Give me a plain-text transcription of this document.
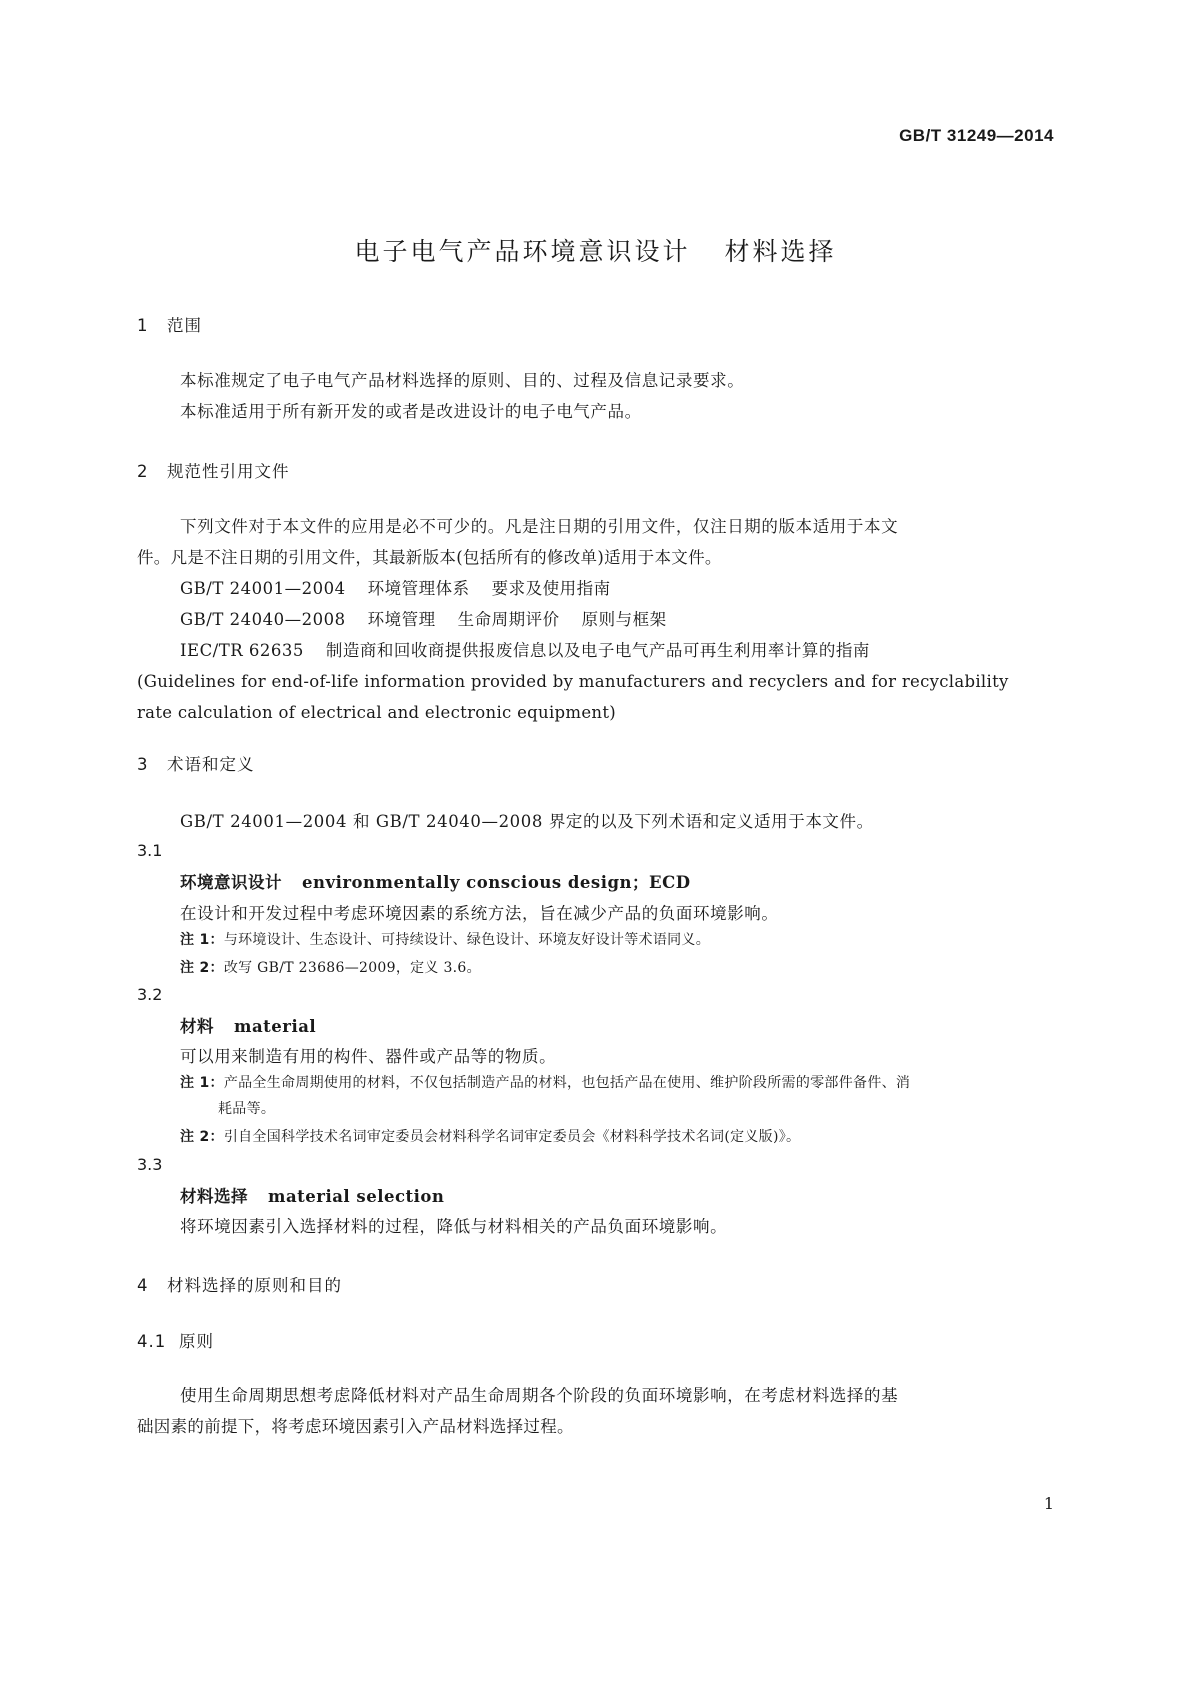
GB/T 31249—2014
电子电气产品环境意识设计 材料选择
1 范围
本标准规定了电子电气产品材料选择的原则、目的、过程及信息记录要求。
本标准适用于所有新开发的或者是改进设计的电子电气产品。
2 规范性引用文件
下列文件对于本文件的应用是必不可少的。凡是注日期的引用文件，仅注日期的版本适用于本文
件。凡是不注日期的引用文件，其最新版本(包括所有的修改单)适用于本文件。
GB/T 24001—2004 环境管理体系 要求及使用指南
GB/T 24040—2008 环境管理 生命周期评价 原则与框架
IEC/TR 62635 制造商和回收商提供报废信息以及电子电气产品可再生利用率计算的指南
(Guidelines for end-of-life information provided by manufacturers and recyclers and for recyclability
rate calculation of electrical and electronic equipment)
3 术语和定义
GB/T 24001—2004 和 GB/T 24040—2008 界定的以及下列术语和定义适用于本文件。
3.1
环境意识设计 environmentally conscious design；ECD
在设计和开发过程中考虑环境因素的系统方法，旨在减少产品的负面环境影响。
注 1：与环境设计、生态设计、可持续设计、绿色设计、环境友好设计等术语同义。
注 2：改写 GB/T 23686—2009，定义 3.6。
3.2
材料 material
可以用来制造有用的构件、器件或产品等的物质。
注 1：产品全生命周期使用的材料，不仅包括制造产品的材料，也包括产品在使用、维护阶段所需的零部件备件、消
耗品等。
注 2：引自全国科学技术名词审定委员会材料科学名词审定委员会《材料科学技术名词(定义版)》。
3.3
材料选择 material selection
将环境因素引入选择材料的过程，降低与材料相关的产品负面环境影响。
4 材料选择的原则和目的
4.1 原则
使用生命周期思想考虑降低材料对产品生命周期各个阶段的负面环境影响，在考虑材料选择的基
础因素的前提下，将考虑环境因素引入产品材料选择过程。
1
